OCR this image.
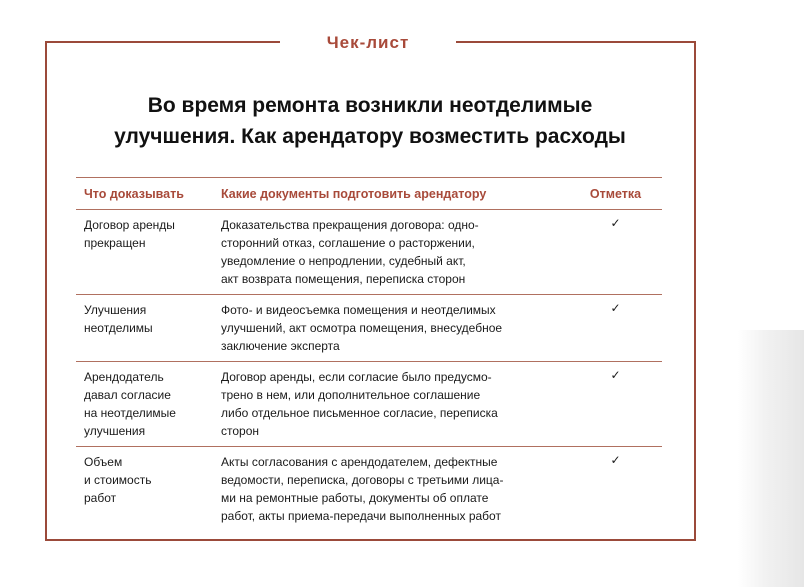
Чек-лист
Во время ремонта возникли неотделимые
улучшения. Как арендатору возместить расходы
Что доказывать	Какие документы подготовить арендатору	Отметка
Договор аренды
прекращен
Доказательства прекращения договора: одно-
сторонний отказ, соглашение о расторжении,
уведомление о непродлении, судебный акт,
акт возврата помещения, переписка сторон
✓
Улучшения
неотделимы
Фото- и видеосъемка помещения и неотделимых
улучшений, акт осмотра помещения, внесудебное
заключение эксперта
✓
Арендодатель
давал согласие
на неотделимые
улучшения
Договор аренды, если согласие было предусмо-
трено в нем, или дополнительное соглашение
либо отдельное письменное согласие, переписка
сторон
✓
Объем
и стоимость
работ
Акты согласования с арендодателем, дефектные
ведомости, переписка, договоры с третьими лица-
ми на ремонтные работы, документы об оплате
работ, акты приема-передачи выполненных работ
✓
